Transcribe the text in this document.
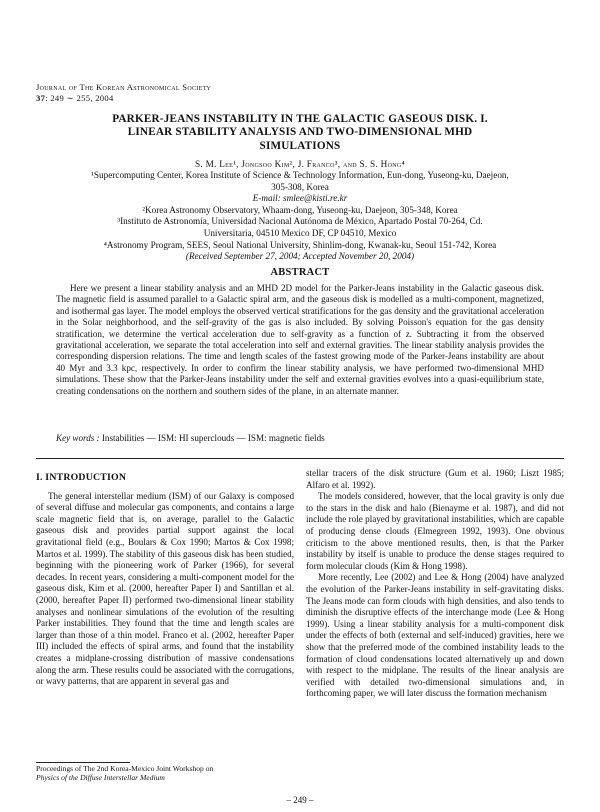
Journal of The Korean Astronomical Society
37: 249 ∼ 255, 2004
PARKER-JEANS INSTABILITY IN THE GALACTIC GASEOUS DISK. I.
LINEAR STABILITY ANALYSIS AND TWO-DIMENSIONAL MHD
SIMULATIONS
S. M. Lee¹, Jongsoo Kim², J. Franco³, and S. S. Hong⁴
¹Supercomputing Center, Korea Institute of Science & Technology Information, Eun-dong, Yuseong-ku, Daejeon,
305-308, Korea
E-mail: smlee@kisti.re.kr
²Korea Astronomy Observatory, Whaam-dong, Yuseong-ku, Daejeon, 305-348, Korea
³Instituto de Astronomía, Universidad Nacional Autónoma de México, Apartado Postal 70-264, Cd.
Universitaria, 04510 Mexico DF, CP 04510, Mexico
⁴Astronomy Program, SEES, Seoul National University, Shinlim-dong, Kwanak-ku, Seoul 151-742, Korea
(Received September 27, 2004; Accepted November 20, 2004)
ABSTRACT
Here we present a linear stability analysis and an MHD 2D model for the Parker-Jeans instability in the Galactic gaseous disk. The magnetic field is assumed parallel to a Galactic spiral arm, and the gaseous disk is modelled as a multi-component, magnetized, and isothermal gas layer. The model employs the observed vertical stratifications for the gas density and the gravitational acceleration in the Solar neighborhood, and the self-gravity of the gas is also included. By solving Poisson's equation for the gas density stratification, we determine the vertical acceleration due to self-gravity as a function of z. Subtracting it from the observed gravitational acceleration, we separate the total acceleration into self and external gravities. The linear stability analysis provides the corresponding dispersion relations. The time and length scales of the fastest growing mode of the Parker-Jeans instability are about 40 Myr and 3.3 kpc, respectively. In order to confirm the linear stability analysis, we have performed two-dimensional MHD simulations. These show that the Parker-Jeans instability under the self and external gravities evolves into a quasi-equilibrium state, creating condensations on the northern and southern sides of the plane, in an alternate manner.
Key words : Instabilities — ISM: HI superclouds — ISM: magnetic fields
I. INTRODUCTION

The general interstellar medium (ISM) of our Galaxy is composed of several diffuse and molecular gas components, and contains a large scale magnetic field that is, on average, parallel to the Galactic gaseous disk and provides partial support against the local gravitational field (e.g., Boulars & Cox 1990; Martos & Cox 1998; Martos et al. 1999). The stability of this gaseous disk has been studied, beginning with the pioneering work of Parker (1966), for several decades. In recent years, considering a multi-component model for the gaseous disk, Kim et al. (2000, hereafter Paper I) and Santillan et al. (2000, hereafter Paper II) performed two-dimensional linear stability analyses and nonlinear simulations of the evolution of the resulting Parker instabilities. They found that the time and length scales are larger than those of a thin model. Franco et al. (2002, hereafter Paper III) included the effects of spiral arms, and found that the instability creates a midplane-crossing distribution of massive condensations along the arm. These results could be associated with the corrugations, or wavy patterns, that are apparent in several gas and

stellar tracers of the disk structure (Gum et al. 1960; Liszt 1985; Alfaro et al. 1992).

The models considered, however, that the local gravity is only due to the stars in the disk and halo (Bienayme et al. 1987), and did not include the role played by gravitational instabilities, which are capable of producing dense clouds (Elmegreen 1992, 1993). One obvious criticism to the above mentioned results, then, is that the Parker instability by itself is unable to produce the dense stages required to form molecular clouds (Kim & Hong 1998).

More recently, Lee (2002) and Lee & Hong (2004) have analyzed the evolution of the Parker-Jeans instability in self-gravitating disks. The Jeans mode can form clouds with high densities, and also tends to diminish the disruptive effects of the interchange mode (Lee & Hong 1999). Using a linear stability analysis for a multi-component disk under the effects of both (external and self-induced) gravities, here we show that the preferred mode of the combined instability leads to the formation of cloud condensations located alternatively up and down with respect to the midplane. The results of the linear analysis are verified with detailed two-dimensional simulations and, in forthcoming paper, we will later discuss the formation mechanism

Proceedings of The 2nd Korea-Mexico Joint Workshop on
Physics of the Diffuse Interstellar Medium
– 249 –
